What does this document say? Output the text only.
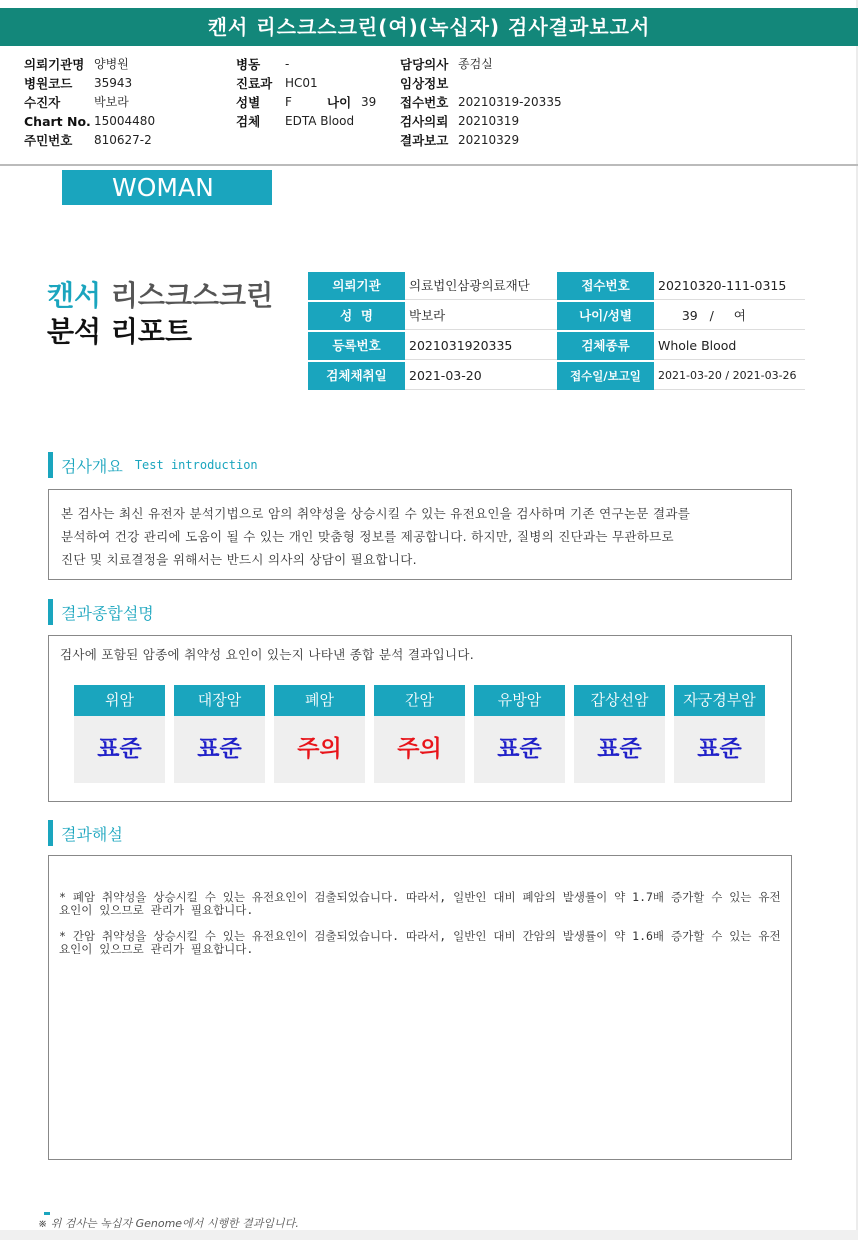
캔서 리스크스크린(여)(녹십자) 검사결과보고서
의뢰기관명 양병원
병원코드	35943
수진자	박보라
Chart No. 15004480
주민번호	810627-2
병동	-
진료과	HC01
성별	F	나이 39
검체	EDTA Blood
담당의사 종검실
임상정보
접수번호 20210319-20335
검사의뢰 20210319
결과보고 20210329
WOMAN
캔서 리스크스크린
분석 리포트
의뢰기관	의료법인삼광의료재단	접수번호	20210320-111-0315
성  명	박보라	나이/성별	39   /     여
등록번호	2021031920335	검체종류	Whole Blood
검체채취일	2021-03-20	접수일/보고일	2021-03-20 / 2021-03-26
검사개요 Test introduction
본 검사는 최신 유전자 분석기법으로 암의 취약성을 상승시킬 수 있는 유전요인을 검사하며 기존 연구논문 결과를
분석하여 건강 관리에 도움이 될 수 있는 개인 맞춤형 정보를 제공합니다. 하지만, 질병의 진단과는 무관하므로
진단 및 치료결정을 위해서는 반드시 의사의 상담이 필요합니다.
결과종합설명
검사에 포함된 암종에 취약성 요인이 있는지 나타낸 종합 분석 결과입니다.
위암
표준
대장암
표준
폐암
주의
간암
주의
유방암
표준
갑상선암
표준
자궁경부암
표준
결과해설
* 폐암 취약성을 상승시킬 수 있는 유전요인이 검출되었습니다. 따라서, 일반인 대비 폐암의 발생률이 약 1.7배 증가할 수 있는 유전요인이 있으므로 관리가 필요합니다.
* 간암 취약성을 상승시킬 수 있는 유전요인이 검출되었습니다. 따라서, 일반인 대비 간암의 발생률이 약 1.6배 증가할 수 있는 유전요인이 있으므로 관리가 필요합니다.
※ 위 검사는 녹십자 Genome에서 시행한 결과입니다.
